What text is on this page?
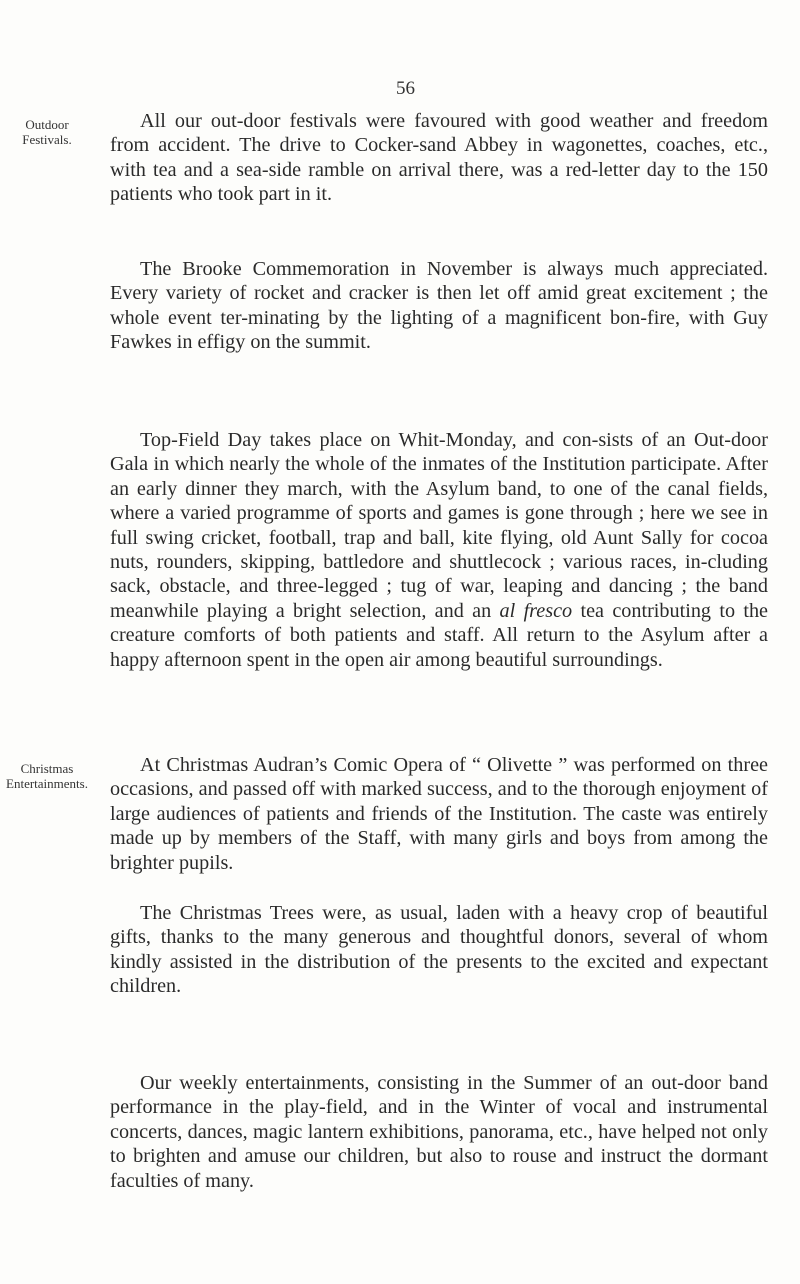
56
Outdoor Festivals.
Christmas Entertainments.

All our out-door festivals were favoured with good weather and freedom from accident. The drive to Cocker-sand Abbey in wagonettes, coaches, etc., with tea and a sea-side ramble on arrival there, was a red-letter day to the 150 patients who took part in it.

The Brooke Commemoration in November is always much appreciated. Every variety of rocket and cracker is then let off amid great excitement ; the whole event ter-minating by the lighting of a magnificent bon-fire, with Guy Fawkes in effigy on the summit.

Top-Field Day takes place on Whit-Monday, and con-sists of an Out-door Gala in which nearly the whole of the inmates of the Institution participate. After an early dinner they march, with the Asylum band, to one of the canal fields, where a varied programme of sports and games is gone through ; here we see in full swing cricket, football, trap and ball, kite flying, old Aunt Sally for cocoa nuts, rounders, skipping, battledore and shuttlecock ; various races, in-cluding sack, obstacle, and three-legged ; tug of war, leaping and dancing ; the band meanwhile playing a bright selection, and an al fresco tea contributing to the creature comforts of both patients and staff. All return to the Asylum after a happy afternoon spent in the open air among beautiful surroundings.

At Christmas Audran’s Comic Opera of “ Olivette ” was performed on three occasions, and passed off with marked success, and to the thorough enjoyment of large audiences of patients and friends of the Institution. The caste was entirely made up by members of the Staff, with many girls and boys from among the brighter pupils.

The Christmas Trees were, as usual, laden with a heavy crop of beautiful gifts, thanks to the many generous and thoughtful donors, several of whom kindly assisted in the distribution of the presents to the excited and expectant children.

Our weekly entertainments, consisting in the Summer of an out-door band performance in the play-field, and in the Winter of vocal and instrumental concerts, dances, magic lantern exhibitions, panorama, etc., have helped not only to brighten and amuse our children, but also to rouse and instruct the dormant faculties of many.
